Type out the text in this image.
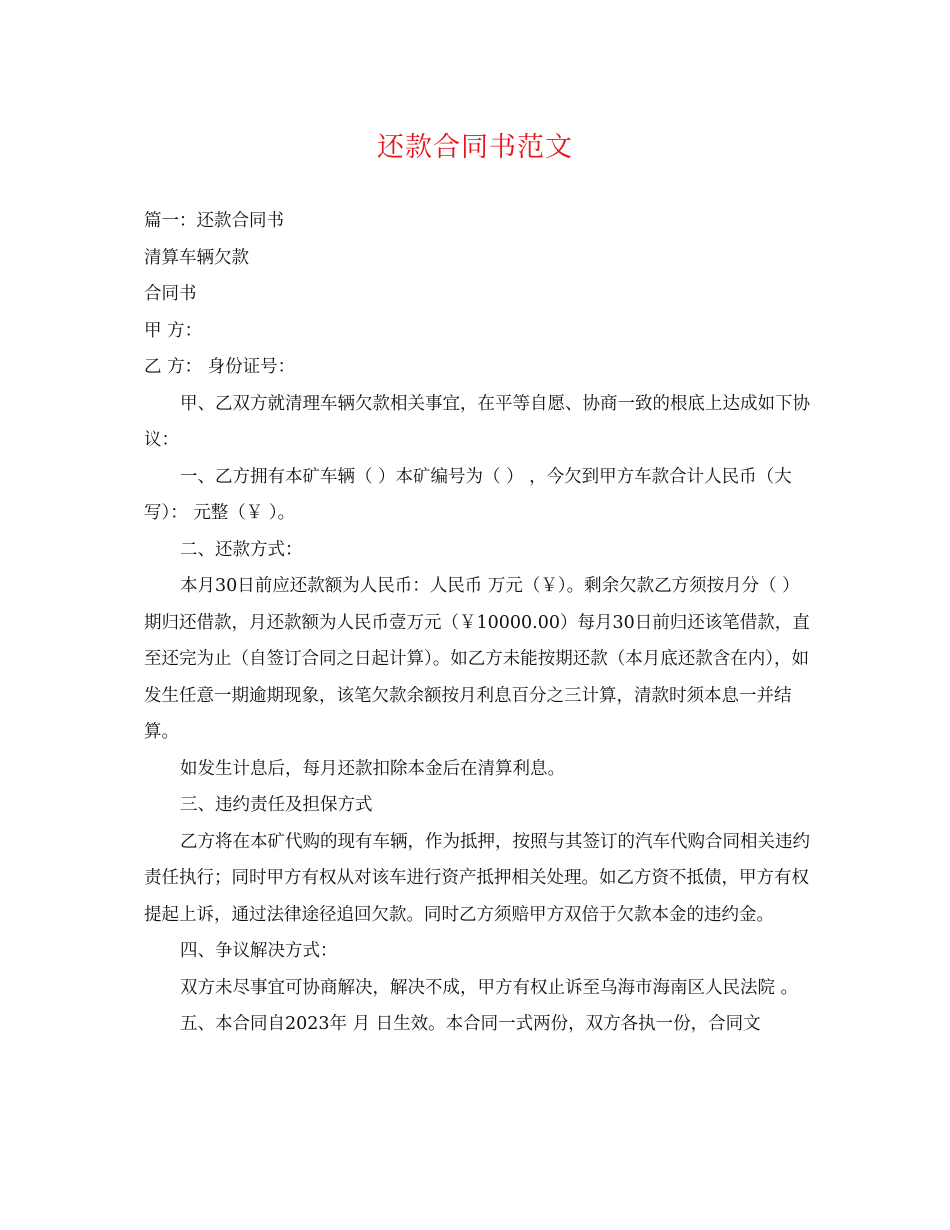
还款合同书范文

篇一：还款合同书

清算车辆欠款

合同书

甲 方：

乙 方： 身份证号：

甲、乙双方就清理车辆欠款相关事宜，在平等自愿、协商一致的根底上达成如下协议：

一、乙方拥有本矿车辆（ ）本矿编号为（ ） ，今欠到甲方车款合计人民币（大写）： 元整（￥ ）。

二、还款方式：

本月30日前应还款额为人民币：人民币 万元（￥）。剩余欠款乙方须按月分（ ）期归还借款，月还款额为人民币壹万元（￥10000.00）每月30日前归还该笔借款，直至还完为止（自签订合同之日起计算）。如乙方未能按期还款（本月底还款含在内），如发生任意一期逾期现象，该笔欠款余额按月利息百分之三计算，清款时须本息一并结算。

如发生计息后，每月还款扣除本金后在清算利息。

三、违约责任及担保方式

乙方将在本矿代购的现有车辆，作为抵押，按照与其签订的汽车代购合同相关违约责任执行；同时甲方有权从对该车进行资产抵押相关处理。如乙方资不抵债，甲方有权提起上诉，通过法律途径追回欠款。同时乙方须赔甲方双倍于欠款本金的违约金。

四、争议解决方式：

双方未尽事宜可协商解决，解决不成，甲方有权止诉至乌海市海南区人民法院 。

五、本合同自2023年 月 日生效。本合同一式两份，双方各执一份，合同文
